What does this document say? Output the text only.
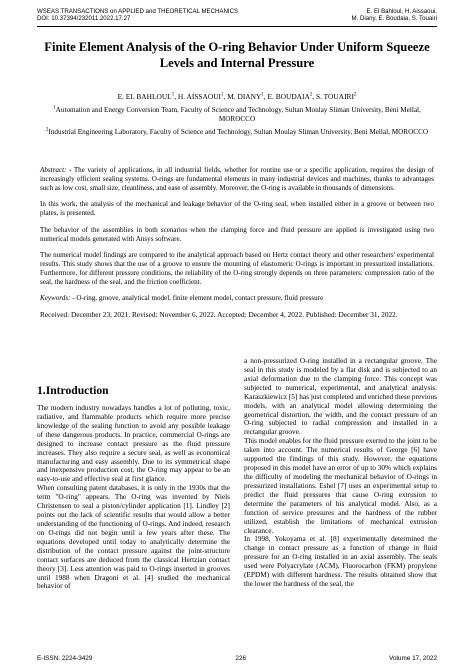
WSEAS TRANSACTIONS on APPLIED and THEORETICAL MECHANICS
DOI: 10.37394/232011.2022.17.27
E. El Bahloul, H. Aissaoui,
M. Diany, E. Boudaia, S. Touairi
Finite Element Analysis of the O-ring Behavior Under Uniform Squeeze Levels and Internal Pressure
E. EL BAHLOUL$^1$, H. AISSAOUI$^1$, M. DIANY$^1$, E. BOUDAIA$^2$, S. TOUAIRI$^2$
$^1$Automation and Energy Conversion Team, Faculty of Science and Technology, Sultan Moulay Sliman University, Beni Mellal, MOROCCO
$^2$Industrial Engineering Laboratory, Faculty of Science and Technology, Sultan Moulay Sliman University, Beni Mellal, MOROCCO

Abstract: - The variety of applications, in all industrial fields, whether for routine use or a specific application, requires the design of increasingly efficient sealing systems. O-rings are fundamental elements in many industrial devices and machines, thanks to advantages such as low cost, small size, cleanliness, and ease of assembly. Moreover, the O-ring is available in thousands of dimensions.

In this work, the analysis of the mechanical and leakage behavior of the O-ring seal, when installed either in a groove or between two plates, is presented.

The behavior of the assemblies in both scenarios when the clamping force and fluid pressure are applied is investigated using two numerical models generated with Ansys software.

The numerical model findings are compared to the analytical approach based on Hertz contact theory and other researchers' experimental results. This study shows that the use of a groove to ensure the mounting of elastomeric O-rings is important in pressurized installations. Furthermore, for different pressure conditions, the reliability of the O-ring strongly depends on three parameters: compression ratio of the seal, the hardness of the seal, and the friction coefficient.

Keywords: - O-ring, groove, analytical model, finite element model, contact pressure, fluid pressure

Received: December 23, 2021. Revised: November 6, 2022. Accepted: December 4, 2022. Published: December 31, 2022.
1.Introduction

The modern industry nowadays handles a lot of polluting, toxic, radiative, and flammable products which require more precise knowledge of the sealing function to avoid any possible leakage of these dangerous products. In practice, commercial O-rings are designed to increase contact pressure as the fluid pressure increases. They also require a secure seal, as well as economical manufacturing and easy assembly. Due to its symmetrical shape and inexpensive production cost, the O-ring may appear to be an easy-to-use and effective seal at first glance.

When consulting patent databases, it is only in the 1930s that the term "O-ring" appears. The O-ring was invented by Niels Christensen to seal a piston/cylinder application [1]. Lindley [2] points out the lack of scientific results that would allow a better understanding of the functioning of O-rings. And indeed, research on O-rings did not begin until a few years after these. The equations developed until today to analytically determine the distribution of the contact pressure against the joint-structure contact surfaces are deduced from the classical Hertzian contact theory [3]. Less attention was paid to O-rings inserted in grooves until 1988 when Dragoni et al. [4] studied the mechanical behavior of

a non-pressurized O-ring installed in a rectangular groove. The seal in this study is modeled by a flat disk and is subjected to an axial deformation due to the clamping force. This concept was subjected to numerical, experimental, and analytical analysis. Karaszkiewicz [5] has just completed and enriched these previous models, with an analytical model allowing determining the geometrical distortion, the width, and the contact pressure of an O-ring subjected to radial compression and installed in a rectangular groove.

This model enables for the fluid pressure exerted to the joint to be taken into account. The numerical results of George [6] have supported the findings of this study. However, the equations proposed in this model have an error of up to 30% which explains the difficulty of modeling the mechanical behavior of O-rings in pressurized installations. Eshel [7] uses an experimental setup to predict the fluid pressures that cause O-ring extrusion to determine the parameters of his analytical model. Also, as a function of service pressures and the hardness of the rubber utilized, establish the limitations of mechanical extrusion clearance.

In 1998, Yokoyama et al. [8] experimentally determined the change in contact pressure as a function of change in fluid pressure for an O-ring installed in an axial assembly. The seals used were Polyacrylate (ACM), Fluorocarbon (FKM) propylene (EPDM) with different hardness. The results obtained show that the lower the hardness of the seal, the

E-ISSN: 2224-3429	226	Volume 17, 2022
